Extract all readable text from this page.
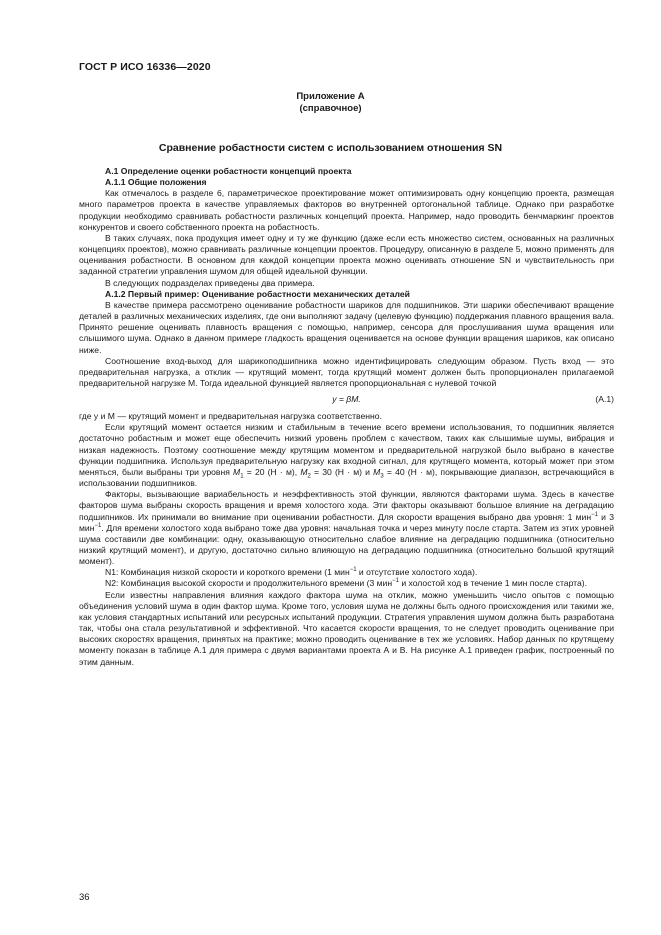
ГОСТ Р ИСО 16336—2020
Приложение А
(справочное)
Сравнение робастности систем с использованием отношения SN

А.1 Определение оценки робастности концепций проекта

А.1.1 Общие положения

Как отмечалось в разделе 6, параметрическое проектирование может оптимизировать одну концепцию проекта, размещая много параметров проекта в качестве управляемых факторов во внутренней ортогональной таблице. Однако при разработке продукции необходимо сравнивать робастности различных концепций проекта. Например, надо проводить бенчмаркинг проектов конкурентов и своего собственного проекта на робастность.

В таких случаях, пока продукция имеет одну и ту же функцию (даже если есть множество систем, основанных на различных концепциях проектов), можно сравнивать различные концепции проектов. Процедуру, описанную в разделе 5, можно применять для оценивания робастности. В основном для каждой концепции проекта можно оценивать отношение SN и чувствительность при заданной стратегии управления шумом для общей идеальной функции.

В следующих подразделах приведены два примера.

А.1.2 Первый пример: Оценивание робастности механических деталей

В качестве примера рассмотрено оценивание робастности шариков для подшипников. Эти шарики обеспечивают вращение деталей в различных механических изделиях, где они выполняют задачу (целевую функцию) поддержания плавного вращения вала. Принято решение оценивать плавность вращения с помощью, например, сенсора для прослушивания шума вращения или слышимого шума. Однако в данном примере гладкость вращения оценивается на основе функции вращения шариков, как описано ниже.

Соотношение вход-выход для шарикоподшипника можно идентифицировать следующим образом. Пусть вход — это предварительная нагрузка, а отклик — крутящий момент, тогда крутящий момент должен быть пропорционален прилагаемой предварительной нагрузке M. Тогда идеальной функцией является пропорциональная с нулевой точкой

y = βM.	(А.1)

где y и M — крутящий момент и предварительная нагрузка соответственно.

Если крутящий момент остается низким и стабильным в течение всего времени использования, то подшипник является достаточно робастным и может еще обеспечить низкий уровень проблем с качеством, таких как слышимые шумы, вибрация и низкая надежность. Поэтому соотношение между крутящим моментом и предварительной нагрузкой было выбрано в качестве функции подшипника. Используя предварительную нагрузку как входной сигнал, для крутящего момента, который может при этом меняться, были выбраны три уровня $M_1 = 20$ (Н · м), $M_2 = 30$ (Н · м) и $M_3 = 40$ (Н · м), покрывающие диапазон, встречающийся в использовании подшипников.

Факторы, вызывающие вариабельность и неэффективность этой функции, являются факторами шума. Здесь в качестве факторов шума выбраны скорость вращения и время холостого хода. Эти факторы оказывают большое влияние на деградацию подшипников. Их принимали во внимание при оценивании робастности. Для скорости вращения выбрано два уровня: 1 мин$^{-1}$ и 3 мин$^{-1}$. Для времени холостого хода выбрано тоже два уровня: начальная точка и через минуту после старта. Затем из этих уровней шума составили две комбинации: одну, оказывающую относительно слабое влияние на деградацию подшипника (относительно низкий крутящий момент), и другую, достаточно сильно влияющую на деградацию подшипника (относительно большой крутящий момент).

N1: Комбинация низкой скорости и короткого времени (1 мин$^{-1}$ и отсутствие холостого хода).

N2: Комбинация высокой скорости и продолжительного времени (3 мин$^{-1}$ и холостой ход в течение 1 мин после старта).

Если известны направления влияния каждого фактора шума на отклик, можно уменьшить число опытов с помощью объединения условий шума в один фактор шума. Кроме того, условия шума не должны быть одного происхождения или такими же, как условия стандартных испытаний или ресурсных испытаний продукции. Стратегия управления шумом должна быть разработана так, чтобы она стала результативной и эффективной. Что касается скорости вращения, то не следует проводить оценивание при высоких скоростях вращения, принятых на практике; можно проводить оценивание в тех же условиях. Набор данных по крутящему моменту показан в таблице А.1 для примера с двумя вариантами проекта А и В. На рисунке А.1 приведен график, построенный по этим данным.

36
